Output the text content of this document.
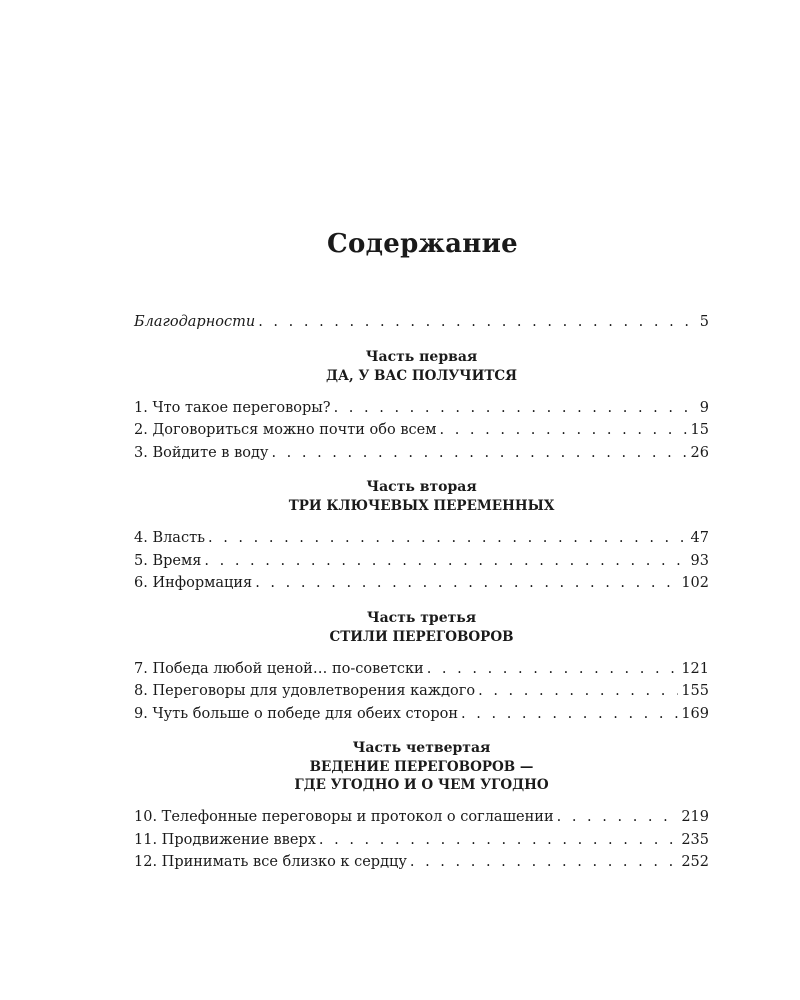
Содержание
Благодарности . . .	5
Часть первая
ДА, У ВАС ПОЛУЧИТСЯ
1. Что такое переговоры? . . .	9
2. Договориться можно почти обо всем . . .	15
3. Войдите в воду . . .	26
Часть вторая
ТРИ КЛЮЧЕВЫХ ПЕРЕМЕННЫХ
4. Власть . . .	47
5. Время . . .	93
6. Информация . . .	102
Часть третья
СТИЛИ ПЕРЕГОВОРОВ
7. Победа любой ценой… по-советски . . .	121
8. Переговоры для удовлетворения каждого . . .	155
9. Чуть больше о победе для обеих сторон . . .	169
Часть четвертая
ВЕДЕНИЕ ПЕРЕГОВОРОВ —
ГДЕ УГОДНО И О ЧЕМ УГОДНО
10. Телефонные переговоры и протокол о соглашении . . .	219
11. Продвижение вверх . . .	235
12. Принимать все близко к сердцу . . .	252
